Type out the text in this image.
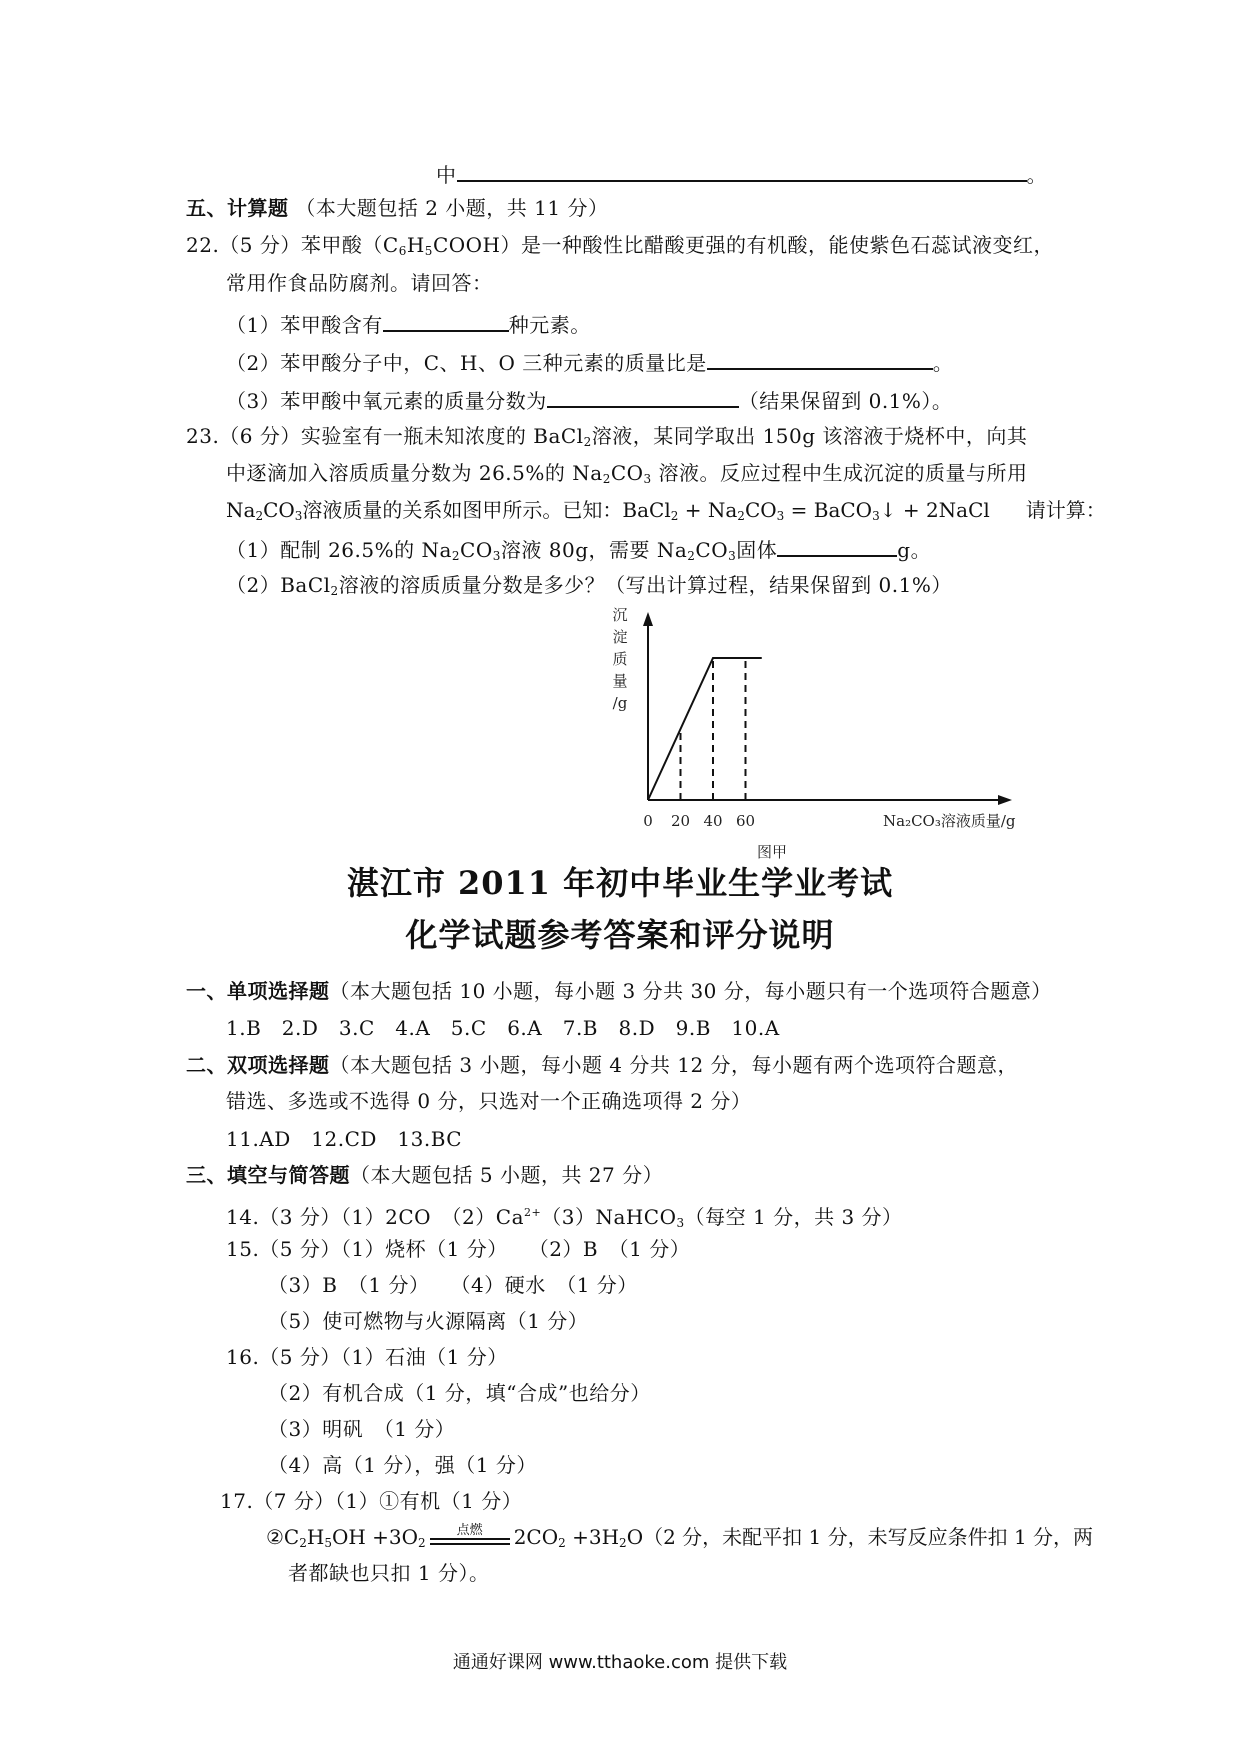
中	。
五、计算题 （本大题包括 2 小题，共 11 分）
22.（5 分）苯甲酸$(C_6H_5COOH)$是一种酸性比醋酸更强的有机酸，能使紫色石蕊试液变红，
常用作食品防腐剂。请回答：
（1）苯甲酸含有	种元素。
（2）苯甲酸分子中，C、H、O 三种元素的质量比是	。
（3）苯甲酸中氧元素的质量分数为	（结果保留到 0.1%）。
23.（6 分）实验室有一瓶未知浓度的 BaCl$_2$溶液，某同学取出 150g 该溶液于烧杯中，向其
中逐滴加入溶质质量分数为 26.5%的 $Na_2CO_3$ 溶液。反应过程中生成沉淀的质量与所用
$Na_2CO_3$溶液质量的关系如图甲所示。已知：BaCl$_2$ + $Na_2CO_3$ = BaCO$_3$↓ + 2NaCl 请计算：
（1）配制 26.5%的 $Na_2CO_3$溶液 80g，需要 $Na_2CO_3$固体	g。
（2）BaCl$_2$溶液的溶质质量分数是多少？（写出计算过程，结果保留到 0.1%）
沉
淀
质
量
/g
0 20 40 60	Na₂CO₃溶液质量/g
图甲
湛江市 2011 年初中毕业生学业考试
化学试题参考答案和评分说明
一、单项选择题（本大题包括 10 小题，每小题 3 分共 30 分，每小题只有一个选项符合题意）
1.B　2.D　3.C　4.A　5.C　6.A　7.B　8.D　9.B　10.A
二、双项选择题（本大题包括 3 小题，每小题 4 分共 12 分，每小题有两个选项符合题意，
错选、多选或不选得 0 分，只选对一个正确选项得 2 分）
11.AD　12.CD　13.BC
三、填空与简答题（本大题包括 5 小题，共 27 分）
14.（3 分）（1）2CO　$(2)Ca^{2+}(3)NaHCO_3$（每空 1 分，共 3 分）
15.（5 分）（1）烧杯（1 分）　　（2）B　（1 分）
（3）B　（1 分）　　（4）硬水　（1 分）
（5）使可燃物与火源隔离（1 分）
16.（5 分）（1）石油（1 分）
（2）有机合成（1 分，填“合成”也给分）
（3）明矾　（1 分）
（4）高（1 分），强（1 分）
17.（7 分）（1）①有机（1 分）
$②C_2H_5OH +3O_2$
点燃	$2CO_2 +3H_2O(2$ 分，未配平扣 1 分，未写反应条件扣 1 分，两
者都缺也只扣 1 分）。
通通好课网 www.tthaoke.com 提供下载
